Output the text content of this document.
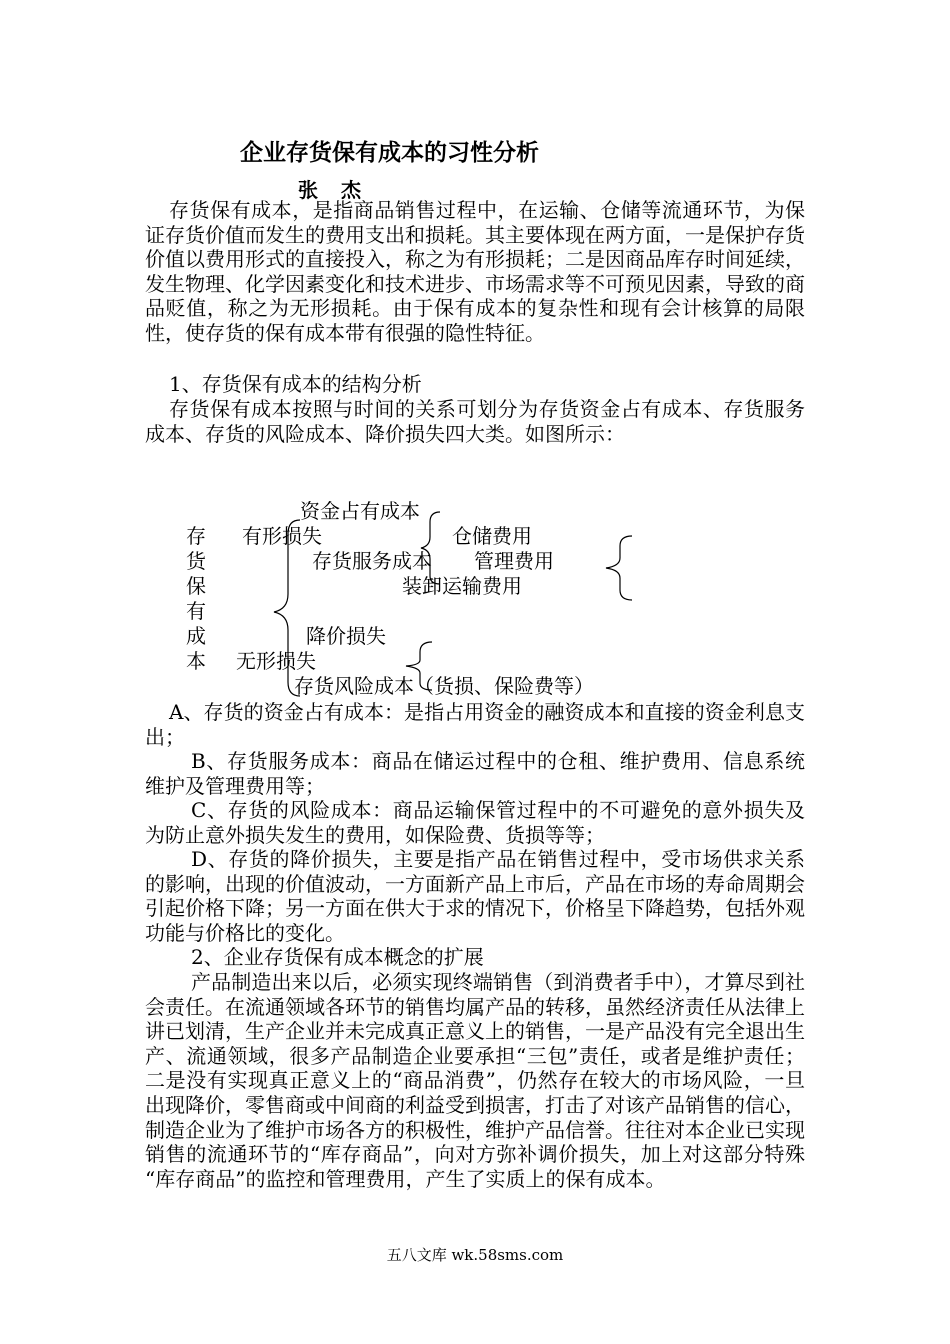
企业存货保有成本的习性分析
张 杰

存货保有成本，是指商品销售过程中，在运输、仓储等流通环节，为保证存货价值而发生的费用支出和损耗。其主要体现在两方面，一是保护存货价值以费用形式的直接投入，称之为有形损耗；二是因商品库存时间延续，发生物理、化学因素变化和技术进步、市场需求等不可预见因素，导致的商品贬值，称之为无形损耗。由于保有成本的复杂性和现有会计核算的局限性，使存货的保有成本带有很强的隐性特征。

1、存货保有成本的结构分析

存货保有成本按照与时间的关系可划分为存货资金占有成本、存货服务成本、存货的风险成本、降价损失四大类。如图所示：

存
货
保
有
成
本
资金占有成本
有形损失	仓储费用
存货服务成本 管理费用
装卸运输费用
降价损失
无形损失
存货风险成本（货损、保险费等）

A、存货的资金占有成本：是指占用资金的融资成本和直接的资金利息支出；

B、存货服务成本：商品在储运过程中的仓租、维护费用、信息系统维护及管理费用等；

C、存货的风险成本：商品运输保管过程中的不可避免的意外损失及为防止意外损失发生的费用，如保险费、货损等等；

D、存货的降价损失，主要是指产品在销售过程中，受市场供求关系的影响，出现的价值波动，一方面新产品上市后，产品在市场的寿命周期会引起价格下降；另一方面在供大于求的情况下，价格呈下降趋势，包括外观功能与价格比的变化。

2、企业存货保有成本概念的扩展

产品制造出来以后，必须实现终端销售（到消费者手中），才算尽到社会责任。在流通领域各环节的销售均属产品的转移，虽然经济责任从法律上讲已划清，生产企业并未完成真正意义上的销售，一是产品没有完全退出生产、流通领域，很多产品制造企业要承担“三包”责任，或者是维护责任；二是没有实现真正意义上的“商品消费”，仍然存在较大的市场风险，一旦出现降价，零售商或中间商的利益受到损害，打击了对该产品销售的信心，制造企业为了维护市场各方的积极性，维护产品信誉。往往对本企业已实现销售的流通环节的“库存商品”，向对方弥补调价损失，加上对这部分特殊 “库存商品”的监控和管理费用，产生了实质上的保有成本。

五八文库 wk.58sms.com
